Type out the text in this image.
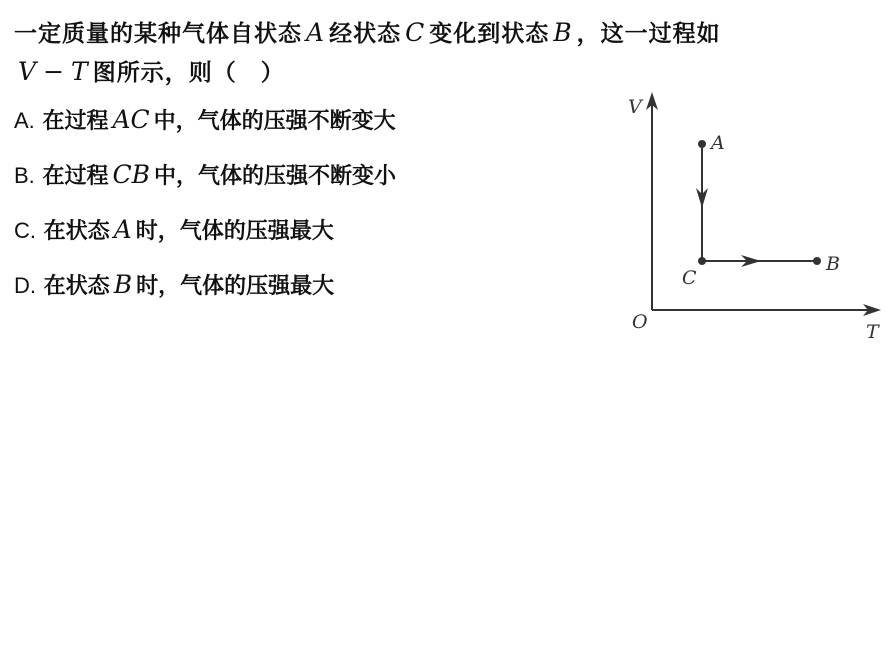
一定质量的某种气体自状态 A 经状态 C 变化到状态 B ，这一过程如
V − T 图所示，则（　）
A. 在过程 AC 中，气体的压强不断变大
B. 在过程 CB 中，气体的压强不断变小
C. 在状态 A 时，气体的压强最大
D. 在状态 B 时，气体的压强最大
V
T
O
A
B
C
